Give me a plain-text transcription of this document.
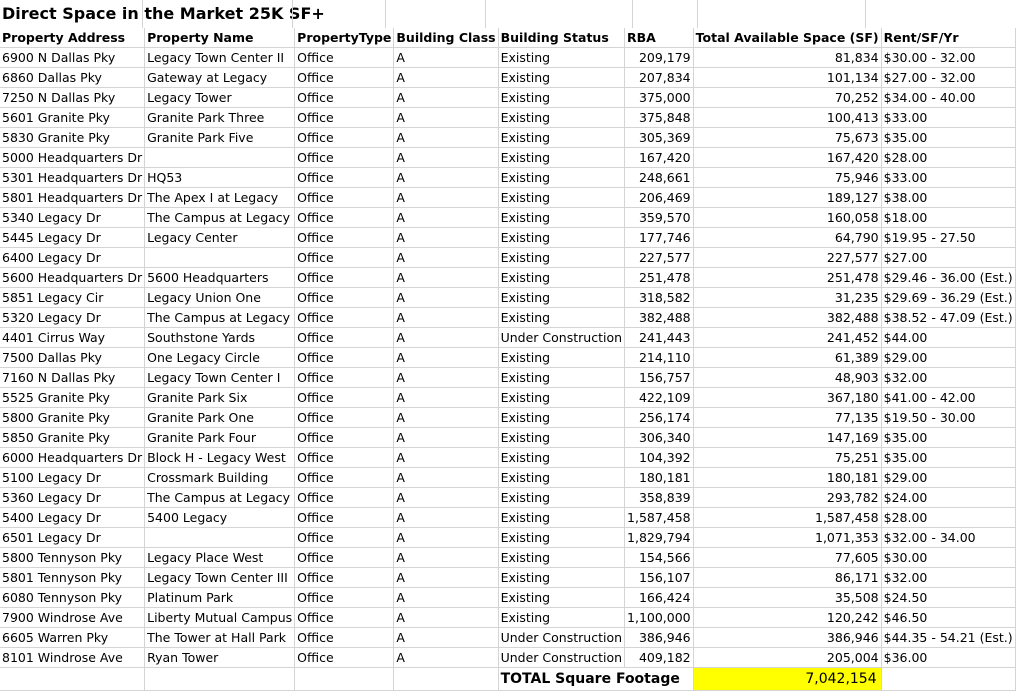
Direct Space in the Market 25K SF+
Property Address	Property Name	PropertyType	Building Class	Building Status	RBA	Total Available Space (SF)	Rent/SF/Yr
6900 N Dallas Pky	Legacy Town Center II	Office	A	Existing	209,179	81,834	$30.00 - 32.00
6860 Dallas Pky	Gateway at Legacy	Office	A	Existing	207,834	101,134	$27.00 - 32.00
7250 N Dallas Pky	Legacy Tower	Office	A	Existing	375,000	70,252	$34.00 - 40.00
5601 Granite Pky	Granite Park Three	Office	A	Existing	375,848	100,413	$33.00
5830 Granite Pky	Granite Park Five	Office	A	Existing	305,369	75,673	$35.00
5000 Headquarters Dr		Office	A	Existing	167,420	167,420	$28.00
5301 Headquarters Dr	HQ53	Office	A	Existing	248,661	75,946	$33.00
5801 Headquarters Dr	The Apex I at Legacy	Office	A	Existing	206,469	189,127	$38.00
5340 Legacy Dr	The Campus at Legacy	Office	A	Existing	359,570	160,058	$18.00
5445 Legacy Dr	Legacy Center	Office	A	Existing	177,746	64,790	$19.95 - 27.50
6400 Legacy Dr		Office	A	Existing	227,577	227,577	$27.00
5600 Headquarters Dr	5600 Headquarters	Office	A	Existing	251,478	251,478	$29.46 - 36.00 (Est.)
5851 Legacy Cir	Legacy Union One	Office	A	Existing	318,582	31,235	$29.69 - 36.29 (Est.)
5320 Legacy Dr	The Campus at Legacy	Office	A	Existing	382,488	382,488	$38.52 - 47.09 (Est.)
4401 Cirrus Way	Southstone Yards	Office	A	Under Construction	241,443	241,452	$44.00
7500 Dallas Pky	One Legacy Circle	Office	A	Existing	214,110	61,389	$29.00
7160 N Dallas Pky	Legacy Town Center I	Office	A	Existing	156,757	48,903	$32.00
5525 Granite Pky	Granite Park Six	Office	A	Existing	422,109	367,180	$41.00 - 42.00
5800 Granite Pky	Granite Park One	Office	A	Existing	256,174	77,135	$19.50 - 30.00
5850 Granite Pky	Granite Park Four	Office	A	Existing	306,340	147,169	$35.00
6000 Headquarters Dr	Block H - Legacy West	Office	A	Existing	104,392	75,251	$35.00
5100 Legacy Dr	Crossmark Building	Office	A	Existing	180,181	180,181	$29.00
5360 Legacy Dr	The Campus at Legacy	Office	A	Existing	358,839	293,782	$24.00
5400 Legacy Dr	5400 Legacy	Office	A	Existing	1,587,458	1,587,458	$28.00
6501 Legacy Dr		Office	A	Existing	1,829,794	1,071,353	$32.00 - 34.00
5800 Tennyson Pky	Legacy Place West	Office	A	Existing	154,566	77,605	$30.00
5801 Tennyson Pky	Legacy Town Center III	Office	A	Existing	156,107	86,171	$32.00
6080 Tennyson Pky	Platinum Park	Office	A	Existing	166,424	35,508	$24.50
7900 Windrose Ave	Liberty Mutual Campus	Office	A	Existing	1,100,000	120,242	$46.50
6605 Warren Pky	The Tower at Hall Park	Office	A	Under Construction	386,946	386,946	$44.35 - 54.21 (Est.)
8101 Windrose Ave	Ryan Tower	Office	A	Under Construction	409,182	205,004	$36.00
				TOTAL Square Footage		7,042,154	
